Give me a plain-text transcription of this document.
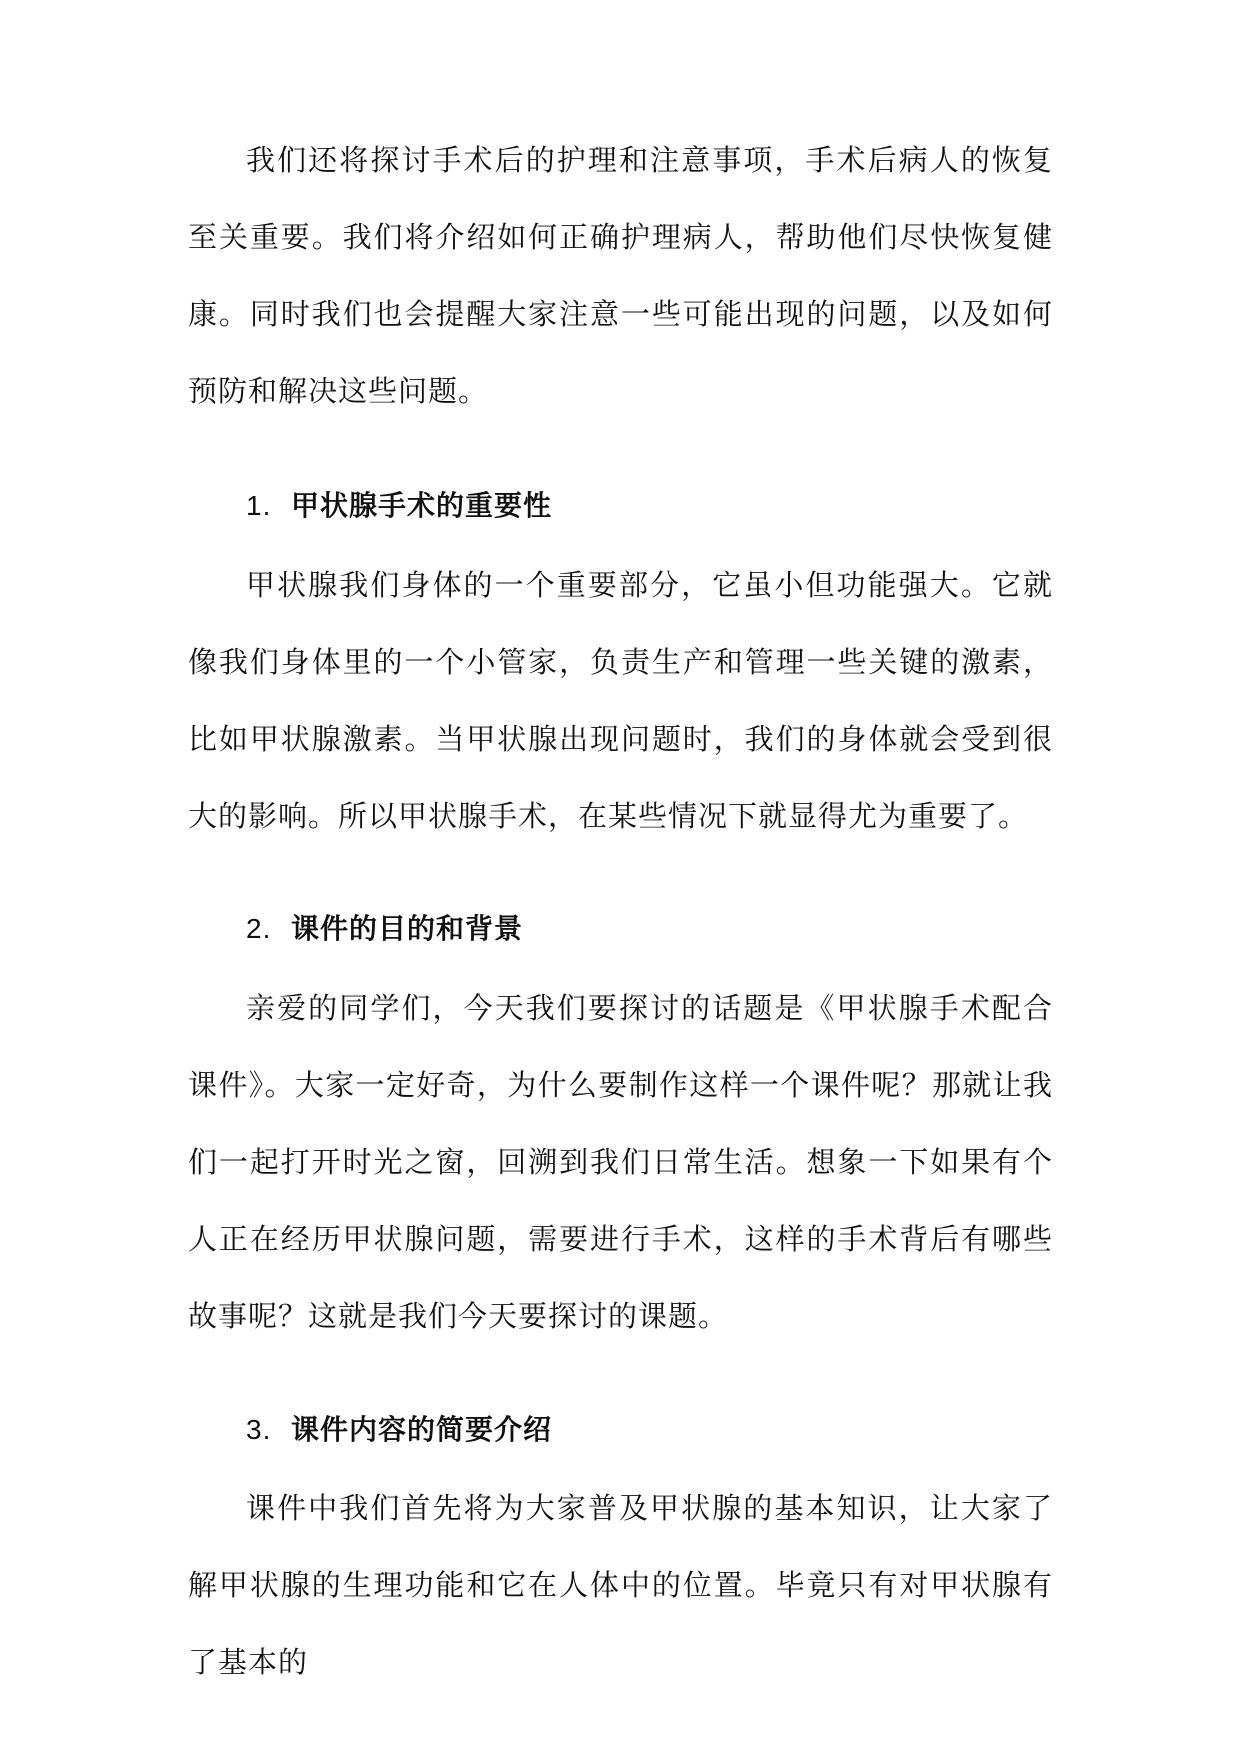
我们还将探讨手术后的护理和注意事项，手术后病人的恢复至关重要。我们将介绍如何正确护理病人，帮助他们尽快恢复健康。同时我们也会提醒大家注意一些可能出现的问题，以及如何预防和解决这些问题。

1. 甲状腺手术的重要性

甲状腺我们身体的一个重要部分，它虽小但功能强大。它就像我们身体里的一个小管家，负责生产和管理一些关键的激素，比如甲状腺激素。当甲状腺出现问题时，我们的身体就会受到很大的影响。所以甲状腺手术，在某些情况下就显得尤为重要了。

2. 课件的目的和背景

亲爱的同学们，今天我们要探讨的话题是《甲状腺手术配合课件》。大家一定好奇，为什么要制作这样一个课件呢？那就让我们一起打开时光之窗，回溯到我们日常生活。想象一下如果有个人正在经历甲状腺问题，需要进行手术，这样的手术背后有哪些故事呢？这就是我们今天要探讨的课题。

3. 课件内容的简要介绍

课件中我们首先将为大家普及甲状腺的基本知识，让大家了解甲状腺的生理功能和它在人体中的位置。毕竟只有对甲状腺有了基本的
